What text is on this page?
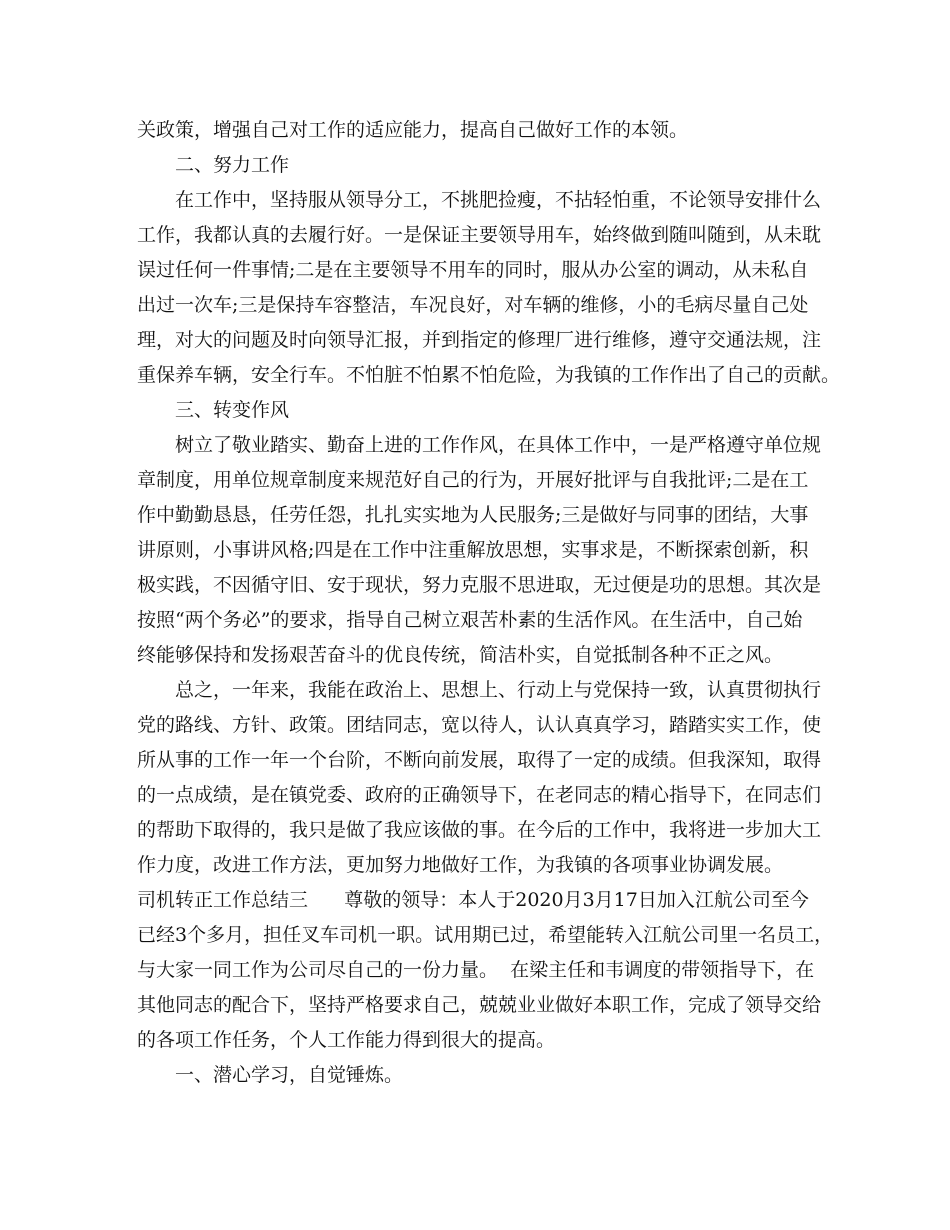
关政策，增强自己对工作的适应能力，提高自己做好工作的本领。
二、努力工作
在工作中，坚持服从领导分工，不挑肥捡瘦，不拈轻怕重，不论领导安排什么
工作，我都认真的去履行好。一是保证主要领导用车，始终做到随叫随到，从未耽
误过任何一件事情;二是在主要领导不用车的同时，服从办公室的调动，从未私自
出过一次车;三是保持车容整洁，车况良好，对车辆的维修，小的毛病尽量自己处
理，对大的问题及时向领导汇报，并到指定的修理厂进行维修，遵守交通法规，注
重保养车辆，安全行车。不怕脏不怕累不怕危险，为我镇的工作作出了自己的贡献。
三、转变作风
树立了敬业踏实、勤奋上进的工作作风，在具体工作中，一是严格遵守单位规
章制度，用单位规章制度来规范好自己的行为，开展好批评与自我批评;二是在工
作中勤勤恳恳，任劳任怨，扎扎实实地为人民服务;三是做好与同事的团结，大事
讲原则，小事讲风格;四是在工作中注重解放思想，实事求是，不断探索创新，积
极实践，不因循守旧、安于现状，努力克服不思进取，无过便是功的思想。其次是
按照“两个务必”的要求，指导自己树立艰苦朴素的生活作风。在生活中，自己始
终能够保持和发扬艰苦奋斗的优良传统，简洁朴实，自觉抵制各种不正之风。
总之，一年来，我能在政治上、思想上、行动上与党保持一致，认真贯彻执行
党的路线、方针、政策。团结同志，宽以待人，认认真真学习，踏踏实实工作，使
所从事的工作一年一个台阶，不断向前发展，取得了一定的成绩。但我深知，取得
的一点成绩，是在镇党委、政府的正确领导下，在老同志的精心指导下，在同志们
的帮助下取得的，我只是做了我应该做的事。在今后的工作中，我将进一步加大工
作力度，改进工作方法，更加努力地做好工作，为我镇的各项事业协调发展。
司机转正工作总结三      尊敬的领导：本人于2020月3月17日加入江航公司至今
已经3个多月，担任叉车司机一职。试用期已过，希望能转入江航公司里一名员工，
与大家一同工作为公司尽自己的一份力量。  在梁主任和韦调度的带领指导下，在
其他同志的配合下，坚持严格要求自己，兢兢业业做好本职工作，完成了领导交给
的各项工作任务，个人工作能力得到很大的提高。
一、潜心学习，自觉锤炼。
